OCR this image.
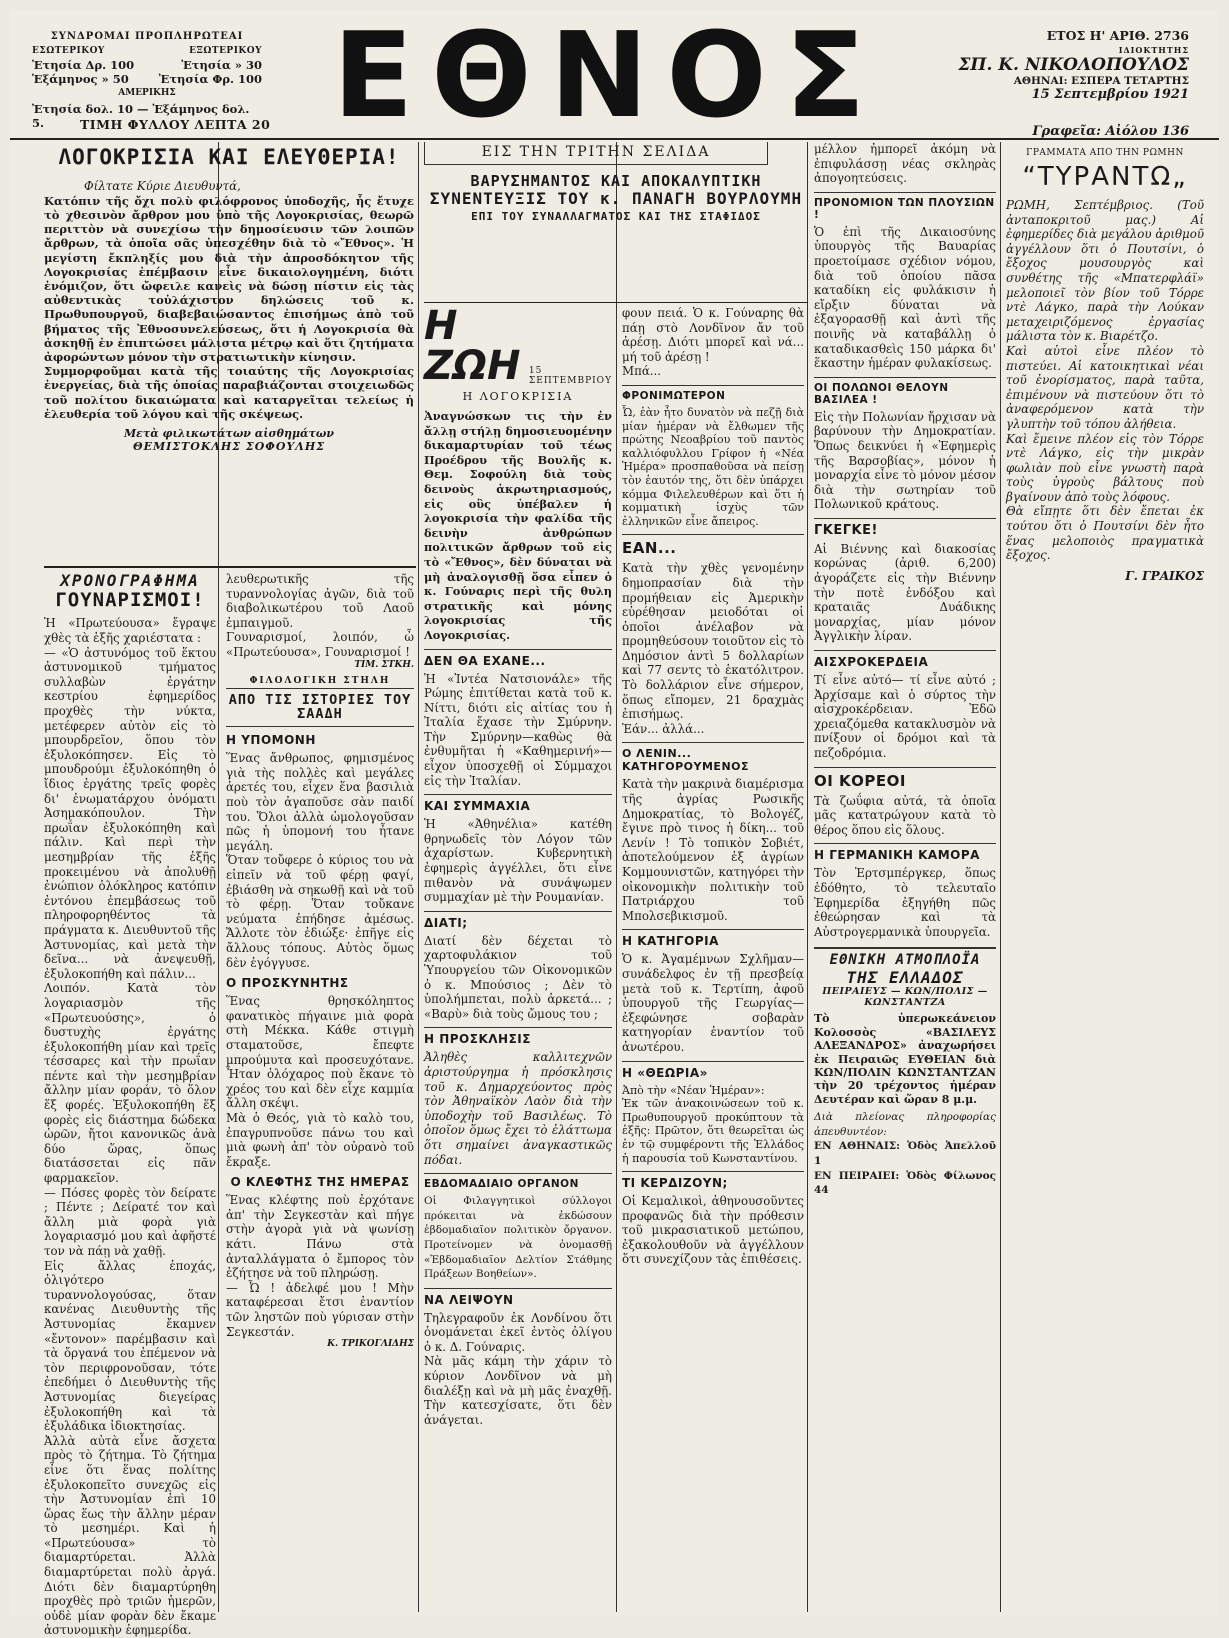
ΣΥΝΔΡΟΜΑΙ ΠΡΟΠΛΗΡΩΤΕΑΙ
ΕΣΩΤΕΡΙΚΟΥ	ΕΞΩΤΕΡΙΚΟΥ
Ἐτησία Δρ. 100	Ἐτησία » 30
Ἑξάμηνος » 50	Ἐτησία Φρ. 100
ΑΜΕΡΙΚΗΣ
Ἐτησία δολ. 10 — Ἑξάμηνος δολ. 5.	ΤΙΜΗ ΦΥΛΛΟΥ ΛΕΠΤΑ 20 ΕΘΝΟΣ	ΕΤΟΣ Η' ΑΡΙΘ. 2736
ΙΔΙΟΚΤΗΤΗΣ
ΣΠ. Κ. ΝΙΚΟΛΟΠΟΥΛΟΣ
ΑΘΗΝΑΙ: ΕΣΠΕΡΑ ΤΕΤΑΡΤΗΣ
15 Σεπτεμβρίου 1921
Γραφεῖα: Αἰόλου 136
ΛΟΓΟΚΡΙΣΙΑ ΚΑΙ ΕΛΕΥΘΕΡΙΑ!

Φίλτατε Κύριε Διευθυντά,

Κατόπιν τῆς ὄχι πολὺ φιλόφρονος ὑποδοχῆς, ἧς ἔτυχε τὸ χθεσινὸν ἄρθρον μου ὑπὸ τῆς Λογοκρισίας, θεωρῶ περιττὸν νὰ συνεχίσω τὴν δημοσίευσιν τῶν λοιπῶν ἄρθρων, τὰ ὁποῖα σᾶς ὑπεσχέθην διὰ τὸ «Ἔθνος». Ἡ μεγίστη ἔκπληξίς μου διὰ τὴν ἀπροσδόκητον τῆς Λογοκρισίας ἐπέμβασιν εἶνε δικαιολογημένη, διότι ἐνόμιζον, ὅτι ὤφειλε κανεὶς νὰ δώσῃ πίστιν εἰς τὰς αὐθεντικὰς τοὐλάχιστον δηλώσεις τοῦ κ. Πρωθυπουργοῦ, διαβεβαιώσαντος ἐπισήμως ἀπὸ τοῦ βήματος τῆς Ἐθνοσυνελεύσεως, ὅτι ἡ Λογοκρισία θὰ ἀσκηθῇ ἐν ἐπιπτώσει μάλιστα μέτρῳ καὶ ὅτι ζητήματα ἀφορώντων μόνον τὴν στρατιωτικὴν κίνησιν.
Συμμορφοῦμαι κατὰ τῆς τοιαύτης τῆς Λογοκρισίας ἐνεργείας, διὰ τῆς ὁποίας παραβιάζονται στοιχειωδῶς τοῦ πολίτου δικαιώματα καὶ καταργεῖται τελείως ἡ ἐλευθερία τοῦ λόγου καὶ τῆς σκέψεως.

Μετὰ φιλικωτάτων αἰσθημάτων
ΘΕΜΙΣΤΟΚΛΗΣ ΣΟΦΟΥΛΗΣ
ΧΡΟΝΟΓΡΑΦΗΜΑ
ΓΟΥΝΑΡΙΣΜΟΙ!

Ἡ «Πρωτεύουσα» ἔγραψε χθὲς τὰ ἑξῆς χαριέστατα :
— «Ὁ ἀστυνόμος τοῦ ἕκτου ἀστυνομικοῦ τμήματος συλλαβὼν ἐργάτην κεστρίου ἐφημερίδος προχθὲς τὴν νύκτα, μετέφερεν αὐτὸν εἰς τὸ μπουρδρεῖον, ὅπου τὸν ἐξυλοκόπησεν. Εἰς τὸ μπουδρούμι ἐξυλοκόπηθη ὁ ἴδιος ἐργάτης τρεῖς φορὲς δι' ἐνωματάρχου ὀνόματι Ἀσημακόπουλον. Τὴν πρωΐαν ἐξυλοκόπηθη καὶ πάλιν. Καὶ περὶ τὴν μεσημβρίαν τῆς ἐξῆς προκειμένου νὰ ἀπολυθῇ ἐνώπιον ὁλόκληρος κατόπιν ἐντόνου ἐπεμβάσεως τοῦ πληροφορηθέντος τὰ πράγματα κ. Διευθυντοῦ τῆς Ἀστυνομίας, καὶ μετὰ τὴν δεῖνα... νὰ ἀνεψευθῇ, ἐξυλοκοπήθη καὶ πάλιν...
Λοιπόν. Κατὰ τὸν λογαριασμὸν τῆς «Πρωτευούσης», ὁ δυστυχὴς ἐργάτης ἐξυλοκοπήθη μίαν καὶ τρεῖς τέσσαρες καὶ τὴν πρωΐαν πέντε καὶ τὴν μεσημβρίαν ἄλλην μίαν φοράν, τὸ ὅλον ἕξ φορές. Ἐξυλοκοπήθη ἕξ φορὲς εἰς διάστημα δώδεκα ὡρῶν, ἤτοι κανονικῶς ἀνὰ δύο ὥρας, ὅπως διατάσσεται εἰς πᾶν φαρμακεῖον.
— Πόσες φορὲς τὸν δείρατε ; Πέντε ; Δείρατέ τον καὶ ἄλλη μιὰ φορὰ γιὰ λογαριασμό μου καὶ ἀφῆστέ τον νὰ πάῃ νὰ χαθῇ.
Εἰς ἄλλας ἐποχάς, ὀλιγότερο τυραννολογούσας, ὅταν κανένας Διευθυντὴς τῆς Ἀστυνομίας ἔκαμνεν «ἔντονον» παρέμβασιν καὶ τὰ ὄργανά του ἐπέμενον νὰ τὸν περιφρονοῦσαν, τότε ἐπεδήμει ὁ Διευθυντὴς τῆς Ἀστυνομίας διεγείρας ἐξυλοκοπήθη καὶ τὰ ἐξυλάδικα ἰδιοκτησίας.
Ἀλλὰ αὐτὰ εἶνε ἄσχετα πρὸς τὸ ζήτημα. Τὸ ζήτημα εἶνε ὅτι ἕνας πολίτης ἐξυλοκοπεῖτο συνεχῶς εἰς τὴν Ἀστυνομίαν ἐπὶ 10 ὥρας ἕως τὴν ἄλλην μέραν τὸ μεσημέρι. Καὶ ἡ «Πρωτεύουσα» τὸ διαμαρτύρεται. Ἀλλὰ διαμαρτύρεται πολὺ ἀργά. Διότι δὲν διαμαρτύρηθη προχθὲς πρὸ τριῶν ἡμερῶν, οὐδὲ μίαν φορὰν δὲν ἔκαμε ἀστυνομικὴν ἐφημερίδα.

λευθερωτικῆς τῆς τυραννολογίας ἀγῶν, διὰ τοῦ διαβολικωτέρου τοῦ Λαοῦ ἐμπαιγμοῦ.
Γουναρισμοί, λοιπόν, ὦ «Πρωτεύουσα», Γουναρισμοί !

ΤΙΜ. ΣΤΚΗ.
ΦΙΛΟΛΟΓΙΚΗ ΣΤΗΛΗ
ΑΠΟ ΤΙΣ ΙΣΤΟΡΙΕΣ ΤΟΥ ΣΑΑΔΗ
Η ΥΠΟΜΟΝΗ

Ἕνας ἄνθρωπος, φημισμένος γιὰ τὴς πολλὲς καὶ μεγάλες ἀρετές του, εἶχεν ἕνα βασιλιὰ ποὺ τὸν ἀγαποῦσε σὰν παιδί του. Ὅλοι ἀλλὰ ὡμολογοῦσαν πῶς ἡ ὑπομονή του ἦτανε μεγάλη.
Ὅταν τοὔφερε ὁ κύριος του νὰ εἰπεῖν νὰ τοῦ φέρῃ φαγί, ἐβιάσθη νὰ σηκωθῇ καὶ νὰ τοῦ τὸ φέρῃ. Ὅταν τοὔκανε νεύματα ἐπήδησε ἀμέσως. Ἄλλοτε τὸν ἐδιώξε· ἐπῆγε εἰς ἄλλους τόπους. Αὐτὸς ὅμως δὲν ἐγόγγυσε.

Ο ΠΡΟΣΚΥΝΗΤΗΣ

Ἕνας θρησκόληπτος φανατικὸς πήγαινε μιὰ φορὰ στὴ Μέκκα. Κάθε στιγμὴ σταματοῦσε, ἔπεφτε μπρούμυτα καὶ προσευχότανε. Ἦταν ὁλόχαρος ποὺ ἔκανε τὸ χρέος του καὶ δὲν εἶχε καμμία ἄλλη σκέψι.
Μὰ ὁ Θεός, γιὰ τὸ καλὸ του, ἐπαγρυπνοῦσε πάνω του καὶ μιὰ φωνὴ ἀπ' τὸν οὐρανὸ τοῦ ἔκραξε.

Ο ΚΛΕΦΤΗΣ ΤΗΣ ΗΜΕΡΑΣ

Ἕνας κλέφτης ποὺ ἐρχότανε ἀπ' τὴν Σεγκεστὰν καὶ πήγε στὴν ἀγορὰ γιὰ νὰ ψωνίσῃ κάτι. Πάνω στὰ ἀνταλλάγματα ὁ ἔμπορος τὸν ἐζήτησε νὰ τοῦ πληρώσῃ.
— Ὦ ! ἀδελφέ μου ! Μὴν καταφέρεσαι ἔτσι ἐναντίον τῶν ληστῶν ποὺ γύρισαν στὴν Σεγκεστάν.

Κ. ΤΡΙΚΟΓΛΙΔΗΣ
ΕΙΣ ΤΗΝ ΤΡΙΤΗΝ ΣΕΛΙΔΑ
ΒΑΡΥΣΗΜΑΝΤΟΣ ΚΑΙ ΑΠΟΚΑΛΥΠΤΙΚΗ
ΣΥΝΕΝΤΕΥΞΙΣ ΤΟΥ κ. ΠΑΝΑΓΗ ΒΟΥΡΛΟΥΜΗ
ΕΠΙ ΤΟΥ ΣΥΝΑΛΛΑΓΜΑΤΟΣ ΚΑΙ ΤΗΣ ΣΤΑΦΙΔΟΣ
Η ΖΩΗ 15 ΣΕΠΤΕΜΒΡΙΟΥ
Η ΛΟΓΟΚΡΙΣΙΑ

Ἀναγνώσκων τις τὴν ἐν ἄλλῃ στήλῃ δημοσιευομένην δικαμαρτυρίαν τοῦ τέως Προέδρου τῆς Βουλῆς κ. Θεμ. Σοφούλη διὰ τοὺς δεινοὺς ἀκρωτηριασμούς, εἰς οὓς ὑπέβαλεν ἡ λογοκρισία τὴν φαλίδα τῆς δεινὴν ἀνθρώπων πολιτικῶν ἄρθρων τοῦ εἰς τὸ «Ἔθνος», δὲν δύναται νὰ μὴ ἀναλογισθῇ ὅσα εἶπεν ὁ κ. Γούναρις περὶ τῆς θυλη στρατικῆς καὶ μόνης λογοκρισίας τῆς Λογοκρισίας.

ΔΕΝ ΘΑ ΕΧΑΝΕ...

Ἡ «Ἰντέα Νατσιονάλε» τῆς Ρώμης ἐπιτίθεται κατὰ τοῦ κ. Νίττι, διότι εἰς αἰτίας του ἡ Ἰταλία ἔχασε τὴν Σμύρνην. Τὴν Σμύρνην—καθὼς θὰ ἐνθυμῆται ἡ «Καθημερινή»—εἶχον ὑποσχεθῇ οἱ Σύμμαχοι εἰς τὴν Ἰταλίαν.

ΚΑΙ ΣΥΜΜΑΧΙΑ

Ἡ «Ἀθηνέλια» κατέθη θρηνωδεῖς τὸν Λόγον τῶν ἀχαρίστων. Κυβερνητικὴ ἐφημερὶς ἀγγέλλει, ὅτι εἶνε πιθανὸν νὰ συνάψωμεν συμμαχίαν μὲ τὴν Ρουμανίαν.

ΔΙΑΤΙ;

Διατί δὲν δέχεται τὸ χαρτοφυλάκιον τοῦ Ὑπουργείου τῶν Οἰκονομικῶν ὁ κ. Μπούσιος ; Δὲν τὸ ὑπολήμπεται, πολὺ ἀρκετά... ; «Βαρὺ» διὰ τοὺς ὤμους του ;

Η ΠΡΟΣΚΛΗΣΙΣ

Ἀληθὲς καλλιτεχνῶν ἀριστούργημα ἡ πρόσκλησις τοῦ κ. Δημαρχεύοντος πρὸς τὸν Ἀθηναϊκὸν Λαὸν διὰ τὴν ὑποδοχὴν τοῦ Βασιλέως. Τὸ ὁποῖον ὅμως ἔχει τὸ ἐλάττωμα ὅτι σημαίνει ἀναγκαστικῶς πόδαι.

ΕΒΔΟΜΑΔΙΑΙΟ ΟΡΓΑΝΟΝ

Οἱ Φιλαγγητικοὶ σύλλογοι πρόκειται νὰ ἐκδώσουν ἑβδομαδιαῖον πολιτικὸν ὄργανον. Προτείνομεν νὰ ὀνομασθῇ «Ἑβδομαδιαῖον Δελτίον Στάθμης Πράξεων Βοηθείων».

ΝΑ ΛΕΙΨΟΥΝ

Τηλεγραφοῦν ἐκ Λονδίνου ὅτι ὀνομάνεται ἐκεῖ ἐντὸς ὀλίγου ὁ κ. Δ. Γούναρις.
Νὰ μᾶς κάμη τὴν χάριν τὸ κύριον Λονδῖνον νὰ μὴ διαλέξῃ καὶ νὰ μὴ μᾶς ἐναχθῇ. Τὴν κατεσχίσατε, ὅτι δὲν ἀνάγεται.

φουν πειά. Ὁ κ. Γούναρης θὰ πάῃ στὸ Λονδῖνον ἄν τοῦ ἀρέσῃ. Διότι μπορεῖ καὶ νά... μή τοῦ ἀρέσῃ !
Μπά...

ΦΡΟΝΙΜΩΤΕΡΟΝ

Ὦ, ἐὰν ἦτο δυνατὸν νὰ πεζῇ διὰ μίαν ἡμέραν νὰ ἔλθωμεν τῆς πρώτης Νεοαβρίου τοῦ παντὸς καλλιόφυλλου Γρίφον ἡ «Νέα Ἡμέρα» προσπαθοῦσα νὰ πείσῃ τὸν ἑαυτόν της, ὅτι δὲν ὑπάρχει κόμμα Φιλελευθέρων καὶ ὅτι ἡ κομματικὴ ἰσχὺς τῶν ἐλληνικῶν εἶνε ἄπειρος.

ΕΑΝ...

Κατὰ τὴν χθὲς γενομένην δημοπρασίαν διὰ τὴν προμήθειαν εἰς Ἀμερικὴν εὑρέθησαν μειοδόται οἱ ὁποῖοι ἀνέλαβον νὰ προμηθεύσουν τοιοῦτον εἰς τὸ Δημόσιον ἀντὶ 5 δολλαρίων καὶ 77 σεντς τὸ ἑκατόλιτρον. Τὸ δολλάριον εἶνε σήμερον, ὅπως εἴπομεν, 21 δραχμὰς ἐπισήμως.
Ἐάν... ἀλλά...

Ο ΛΕΝΙΝ... ΚΑΤΗΓΟΡΟΥΜΕΝΟΣ

Κατὰ τὴν μακρινὰ διαμέρισμα τῆς ἀγρίας Ρωσικῆς Δημοκρατίας, τὸ Βολογέζ, ἔγινε πρὸ τινος ἡ δίκη... τοῦ Λενίν ! Τὸ τοπικὸν Σοβιέτ, ἀποτελούμενον ἐξ ἀγρίων Κομμουνιστῶν, κατηγόρει τὴν οἰκονομικὴν πολιτικὴν τοῦ Πατριάρχου τοῦ Μπολσεβικισμοῦ.

Η ΚΑΤΗΓΟΡΙΑ

Ὁ κ. Ἀγαμέμνων Σχλῆμαν— συνάδελφος ἐν τῇ πρεσβείᾳ μετὰ τοῦ κ. Τερτίπη, ἀφοῦ ὑπουργοῦ τῆς Γεωργίας— ἐξεφώνησε σοβαρὰν κατηγορίαν ἐναντίον τοῦ ἀνωτέρου.

Η «ΘΕΩΡΙΑ»

Ἀπὸ τὴν «Νέαν Ἡμέραν»:
Ἐκ τῶν ἀνακοινώσεων τοῦ κ. Πρωθυπουργοῦ προκύπτουν τὰ ἑξῆς: Πρῶτον, ὅτι θεωρεῖται ὡς ἐν τῷ συμφέροντι τῆς Ἑλλάδος ἡ παρουσία τοῦ Κωνσταντίνου.

ΤΙ ΚΕΡΔΙΖΟΥΝ;

Οἱ Κεμαλικοὶ, ἀθηνουσοῦντες προφανῶς διὰ τὴν πρόθεσιν τοῦ μικρασιατικοῦ μετώπου, ἐξακολουθοῦν νὰ ἀγγέλλουν ὅτι συνεχίζουν τὰς ἐπιθέσεις.

μέλλον ἠμπορεῖ ἀκόμη νὰ ἐπιφυλάσσῃ νέας σκληρὰς ἀπογοητεύσεις.

ΠΡΟΝΟΜΙΟΝ ΤΩΝ ΠΛΟΥΣΙΩΝ !

Ὁ ἐπὶ τῆς Δικαιοσύνης ὑπουργὸς τῆς Βαυαρίας προετοίμασε σχέδιον νόμου, διὰ τοῦ ὁποίου πᾶσα καταδίκη εἰς φυλάκισιν ἡ εἴρξιν δύναται νὰ ἐξαγορασθῇ καὶ ἀντὶ τῆς ποινῆς νὰ καταβάλλῃ ὁ καταδικασθεὶς 150 μάρκα δι' ἕκαστην ἡμέραν φυλακίσεως.

ΟΙ ΠΟΛΩΝΟΙ ΘΕΛΟΥΝ ΒΑΣΙΛΕΑ !

Εἰς τὴν Πολωνίαν ἤρχισαν νὰ βαρύνουν τὴν Δημοκρατίαν. Ὅπως δεικνύει ἡ «Ἐφημερὶς τῆς Βαρσοβίας», μόνον ἡ μοναρχία εἶνε τὸ μόνον μέσον διὰ τὴν σωτηρίαν τοῦ Πολωνικοῦ κράτους.

ΓΚΕΓΚΕ!

Αἱ Βιέννης καὶ διακοσίας κορώνας (ἀριθ. 6,200) ἀγοράζετε εἰς τὴν Βιέννην τὴν ποτὲ ἐνδόξου καὶ κραταιᾶς Δυάδικης μοναρχίας, μίαν μόνον Ἀγγλικὴν λίραν.

ΑΙΣΧΡΟΚΕΡΔΕΙΑ

Τί εἶνε αὐτό— τί εἶνε αὐτό ; Ἀρχίσαμε καὶ ὁ σύρτος τὴν αἰσχροκέρδειαν. Ἐδῶ χρειαζόμεθα κατακλυσμὸν νὰ πνίξουν οἱ δρόμοι καὶ τὰ πεζοδρόμια.

ΟΙ ΚΟΡΕΟΙ

Τὰ ζωΰφια αὐτά, τὰ ὁποῖα μᾶς κατατρώγουν κατὰ τὸ θέρος ὅπου εἰς ὅλους.

Η ΓΕΡΜΑΝΙΚΗ ΚΑΜΟΡΑ

Τὸν Ἐρτσμπέργκερ, ὅπως ἐδόθητο, τὸ τελευταῖο Ἐφημερίδα ἐξηγήθη πῶς ἐθεώρησαν καὶ τὰ Αὐστρογερμανικὰ ὑπουργεῖα.

ΕΘΝΙΚΗ ΑΤΜΟΠΛΟΪΑ
ΤΗΣ ΕΛΛΑΔΟΣ
ΠΕΙΡΑΙΕΥΣ — ΚΩΝ/ΠΟΛΙΣ — ΚΩΝΣΤΑΝΤΖΑ

Τὸ ὑπερωκεάνειον Κολοσσὸς «ΒΑΣΙΛΕΥΣ ΑΛΕΞΑΝΔΡΟΣ» ἀναχωρήσει ἐκ Πειραιῶς ΕΥΘΕΙΑΝ διὰ ΚΩΝ/ΠΟΛΙΝ ΚΩΝΣΤΑΝΤΖΑΝ τὴν 20 τρέχοντος ἡμέραν Δευτέραν καὶ ὥραν 8 μ.μ.

Διὰ πλείονας πληροφορίας ἀπευθυντέον:

ΕΝ ΑΘΗΝΑΙΣ: Ὁδὸς Ἀπελλοῦ 1

ΕΝ ΠΕΙΡΑΙΕΙ: Ὁδὸς Φίλωνος 44

ΓΡΑΜΜΑΤΑ ΑΠΟ ΤΗΝ ΡΩΜΗΝ
“ΤΥΡΑΝΤΩ„

ΡΩΜΗ, Σεπτέμβριος. (Τοῦ ἀνταποκριτοῦ μας.) Αἱ ἐφημερίδες διὰ μεγάλου ἀριθμοῦ ἀγγέλλουν ὅτι ὁ Πουτσίνι, ὁ ἔξοχος μουσουργὸς καὶ συνθέτης τῆς «Μπατερφλάϊ» μελοποιεῖ τὸν βίον τοῦ Τόρρε ντὲ Λάγκο, παρὰ τὴν Λούκαν μεταχειριζόμενος ἐργασίας μάλιστα τὸν κ. Βιαρέτζο.
Καὶ αὐτοὶ εἶνε πλέον τὸ πιστεύει. Αἱ κατοικητικαὶ νέαι τοῦ ἐνορίσματος, παρὰ ταῦτα, ἐπιμένουν νὰ πιστεύουν ὅτι τὸ ἀναφερόμενον κατὰ τὴν γλυπτὴν τοῦ τόπου ἀλήθεια.
Καὶ ἔμεινε πλέον εἰς τὸν Τόρρε ντὲ Λάγκο, εἰς τὴν μικρὰν φωλιὰν ποὺ εἶνε γνωστὴ παρὰ τοὺς ὑγροὺς βάλτους ποὺ βγαίνουν ἀπὸ τοὺς λόφους.
Θὰ εἴπῃτε ὅτι δὲν ἔπεται ἐκ τούτου ὅτι ὁ Πουτσίνι δὲν ἦτο ἕνας μελοποιὸς πραγματικὰ ἔξοχος.

Γ. ΓΡΑΙΚΟΣ
